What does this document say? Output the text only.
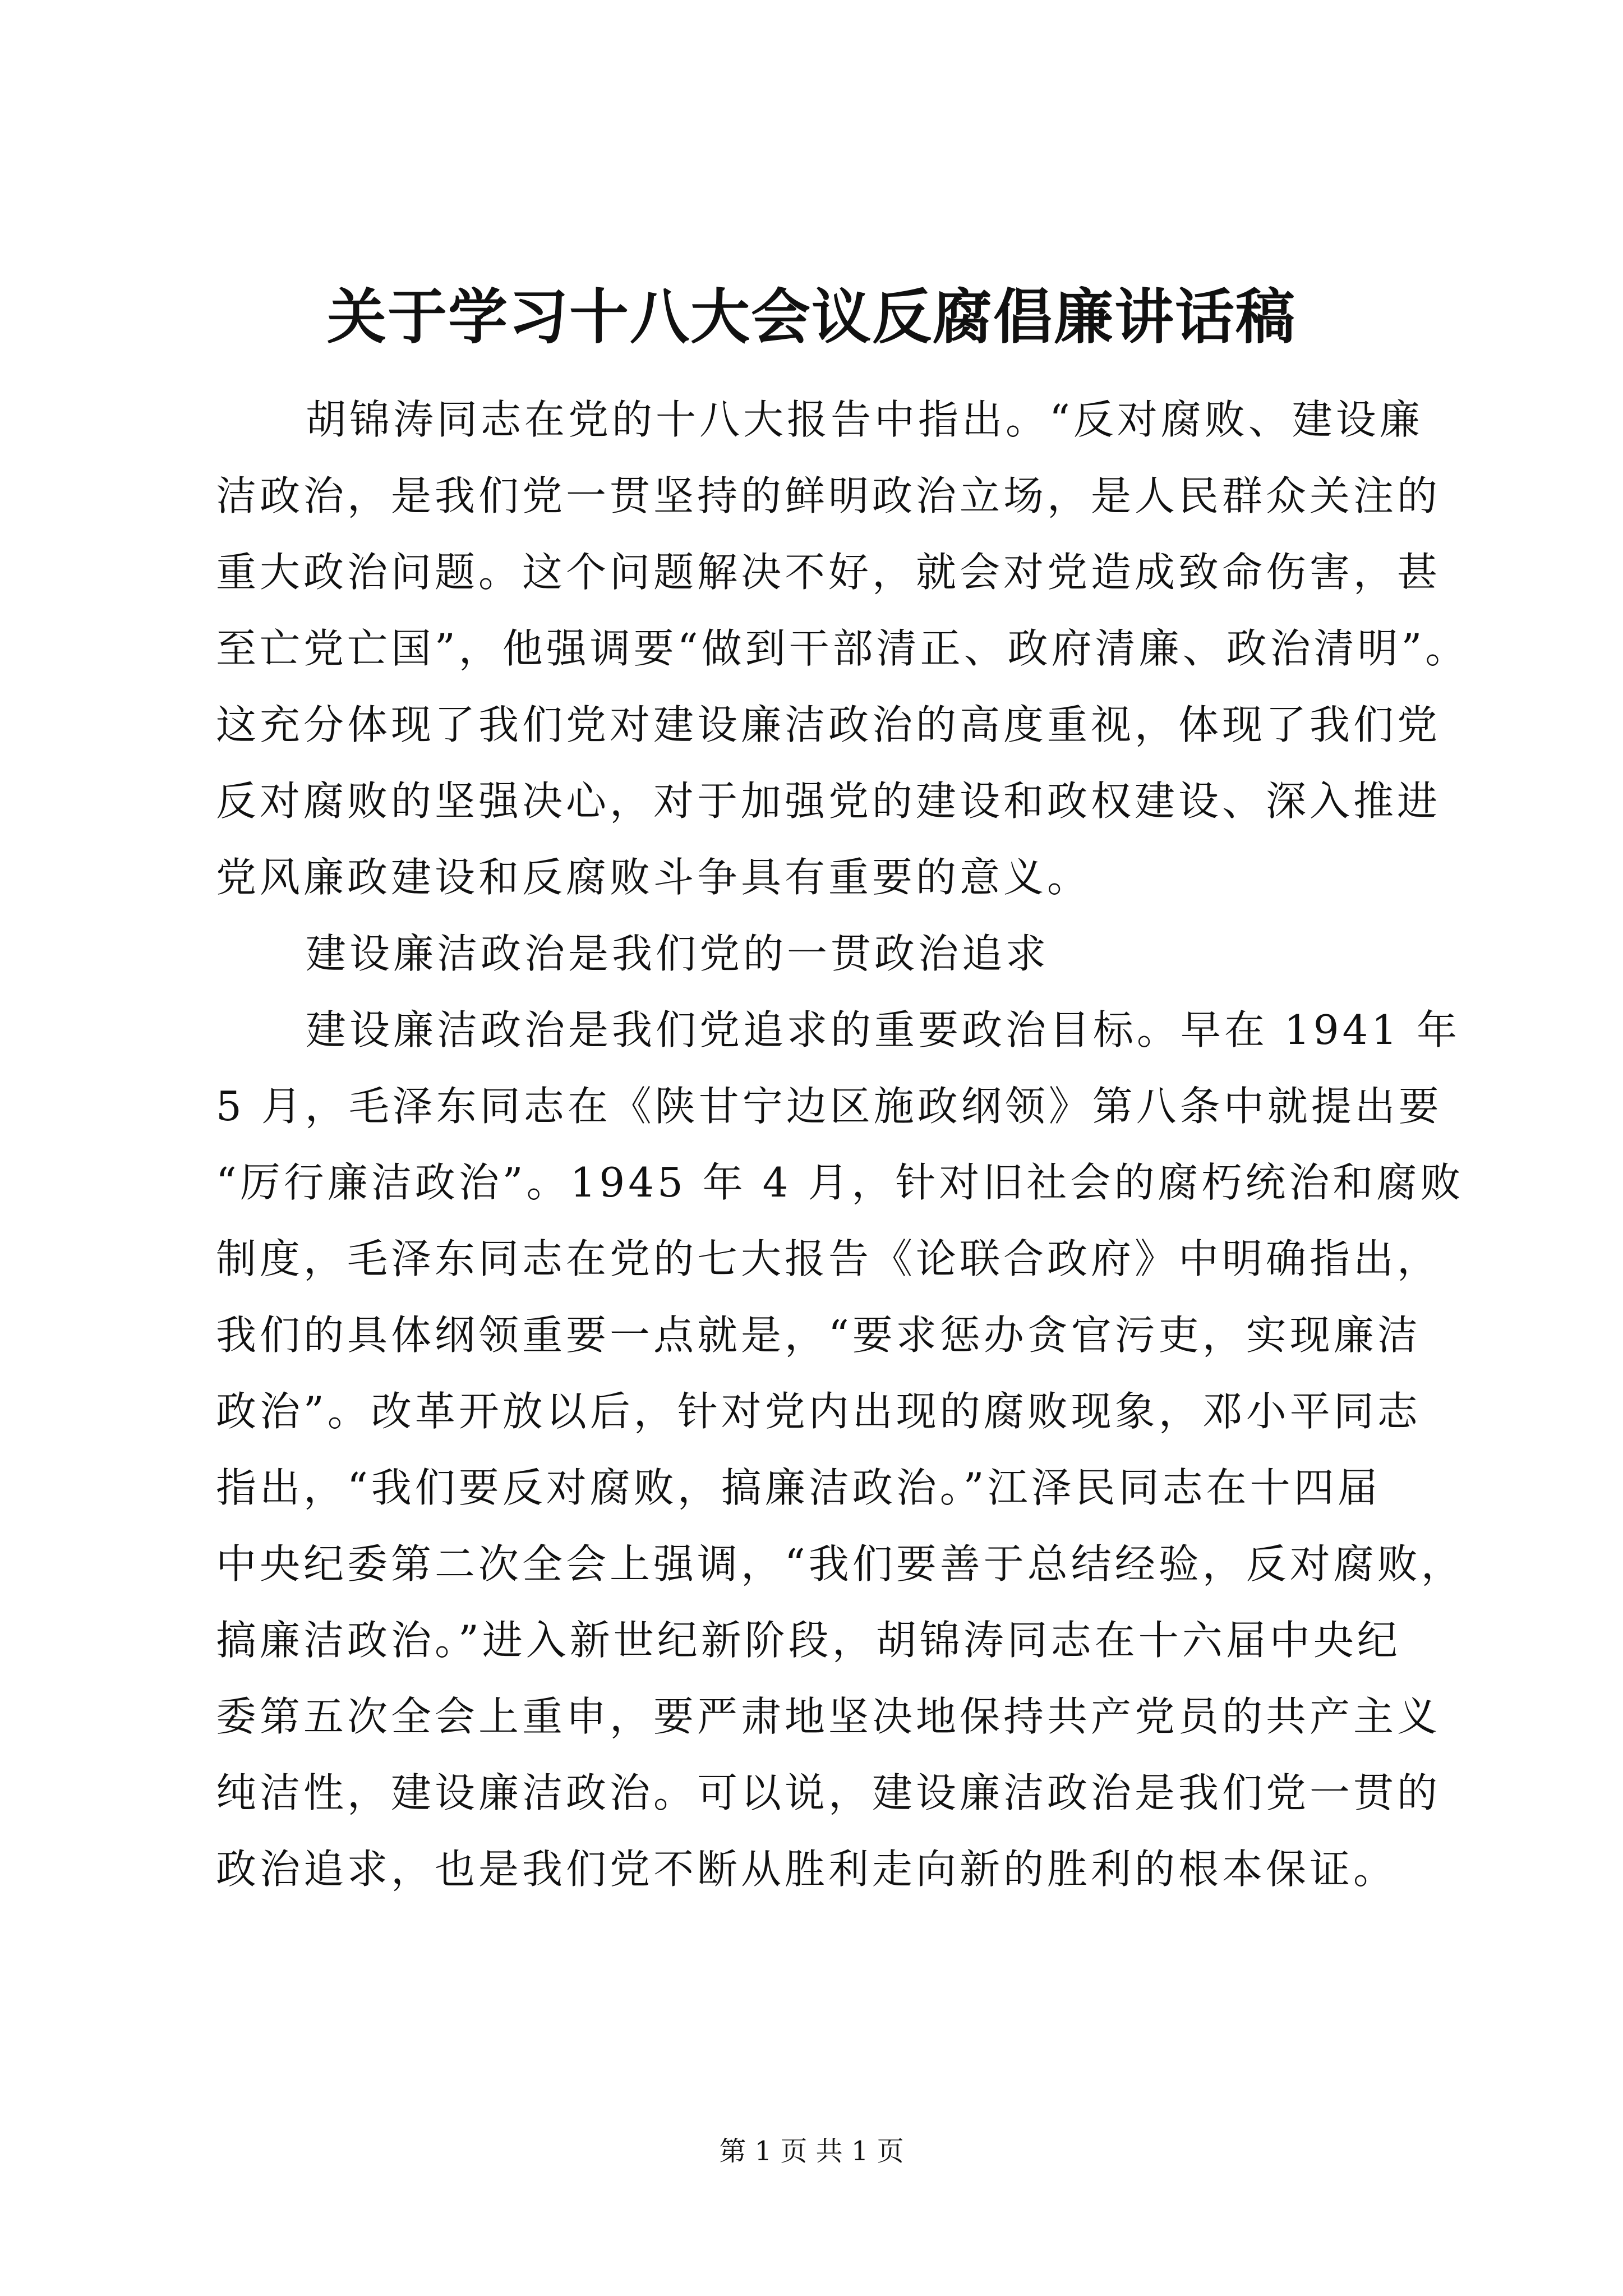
关于学习十八大会议反腐倡廉讲话稿
胡锦涛同志在党的十八大报告中指出。“反对腐败、建设廉
洁政治，是我们党一贯坚持的鲜明政治立场，是人民群众关注的
重大政治问题。这个问题解决不好，就会对党造成致命伤害，甚
至亡党亡国”，他强调要“做到干部清正、政府清廉、政治清明”。
这充分体现了我们党对建设廉洁政治的高度重视，体现了我们党
反对腐败的坚强决心，对于加强党的建设和政权建设、深入推进
党风廉政建设和反腐败斗争具有重要的意义。
建设廉洁政治是我们党的一贯政治追求
建设廉洁政治是我们党追求的重要政治目标。早在 1941 年
5 月，毛泽东同志在《陕甘宁边区施政纲领》第八条中就提出要
“厉行廉洁政治”。1945 年 4 月，针对旧社会的腐朽统治和腐败
制度，毛泽东同志在党的七大报告《论联合政府》中明确指出，
我们的具体纲领重要一点就是，“要求惩办贪官污吏，实现廉洁
政治”。改革开放以后，针对党内出现的腐败现象，邓小平同志
指出，“我们要反对腐败，搞廉洁政治。”江泽民同志在十四届
中央纪委第二次全会上强调，“我们要善于总结经验，反对腐败，
搞廉洁政治。”进入新世纪新阶段，胡锦涛同志在十六届中央纪
委第五次全会上重申，要严肃地坚决地保持共产党员的共产主义
纯洁性，建设廉洁政治。可以说，建设廉洁政治是我们党一贯的
政治追求，也是我们党不断从胜利走向新的胜利的根本保证。
第 1 页 共 1 页
